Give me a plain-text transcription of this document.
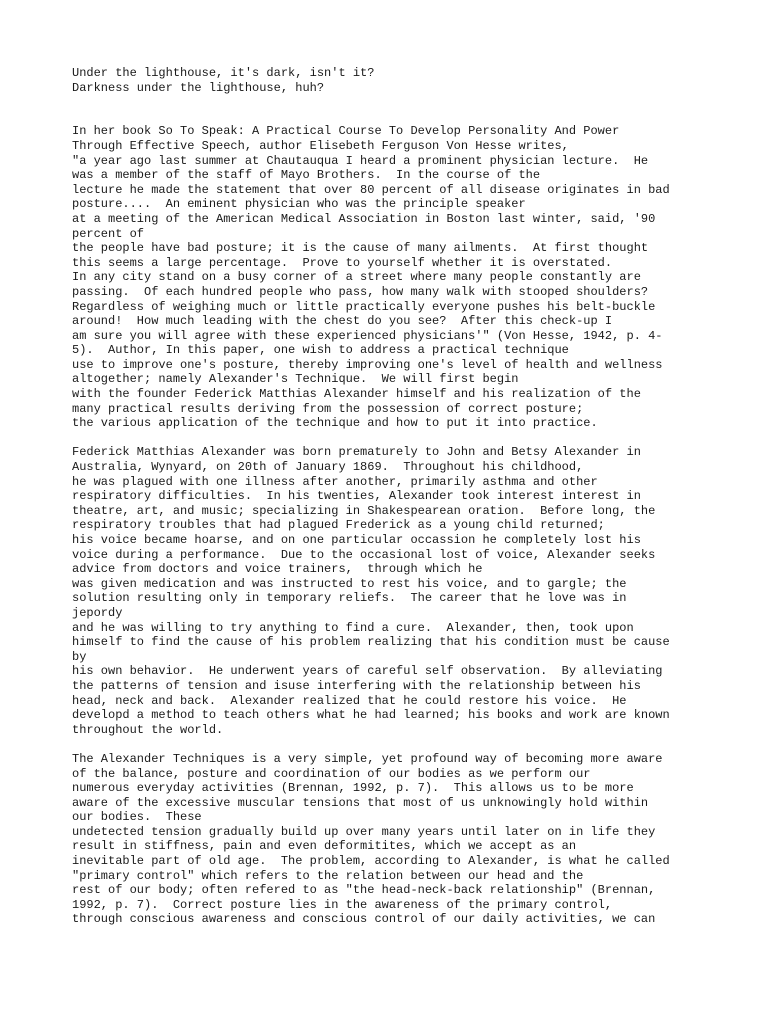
Under the lighthouse, it's dark, isn't it?
Darkness under the lighthouse, huh?
In her book So To Speak: A Practical Course To Develop Personality And Power
Through Effective Speech, author Elisebeth Ferguson Von Hesse writes,
"a year ago last summer at Chautauqua I heard a prominent physician lecture.  He
was a member of the staff of Mayo Brothers.  In the course of the
lecture he made the statement that over 80 percent of all disease originates in bad
posture....  An eminent physician who was the principle speaker
at a meeting of the American Medical Association in Boston last winter, said, '90
percent of
the people have bad posture; it is the cause of many ailments.  At first thought
this seems a large percentage.  Prove to yourself whether it is overstated.
In any city stand on a busy corner of a street where many people constantly are
passing.  Of each hundred people who pass, how many walk with stooped shoulders?
Regardless of weighing much or little practically everyone pushes his belt-buckle
around!  How much leading with the chest do you see?  After this check-up I
am sure you will agree with these experienced physicians'" (Von Hesse, 1942, p. 4-
5).  Author, In this paper, one wish to address a practical technique
use to improve one's posture, thereby improving one's level of health and wellness
altogether; namely Alexander's Technique.  We will first begin
with the founder Federick Matthias Alexander himself and his realization of the
many practical results deriving from the possession of correct posture;
the various application of the technique and how to put it into practice.
Federick Matthias Alexander was born prematurely to John and Betsy Alexander in
Australia, Wynyard, on 20th of January 1869.  Throughout his childhood,
he was plagued with one illness after another, primarily asthma and other
respiratory difficulties.  In his twenties, Alexander took interest interest in
theatre, art, and music; specializing in Shakespearean oration.  Before long, the
respiratory troubles that had plagued Frederick as a young child returned;
his voice became hoarse, and on one particular occassion he completely lost his
voice during a performance.  Due to the occasional lost of voice, Alexander seeks
advice from doctors and voice trainers,  through which he
was given medication and was instructed to rest his voice, and to gargle; the
solution resulting only in temporary reliefs.  The career that he love was in
jepordy
and he was willing to try anything to find a cure.  Alexander, then, took upon
himself to find the cause of his problem realizing that his condition must be cause
by
his own behavior.  He underwent years of careful self observation.  By alleviating
the patterns of tension and isuse interfering with the relationship between his
head, neck and back.  Alexander realized that he could restore his voice.  He
developd a method to teach others what he had learned; his books and work are known
throughout the world.
The Alexander Techniques is a very simple, yet profound way of becoming more aware
of the balance, posture and coordination of our bodies as we perform our
numerous everyday activities (Brennan, 1992, p. 7).  This allows us to be more
aware of the excessive muscular tensions that most of us unknowingly hold within
our bodies.  These
undetected tension gradually build up over many years until later on in life they
result in stiffness, pain and even deformitites, which we accept as an
inevitable part of old age.  The problem, according to Alexander, is what he called
"primary control" which refers to the relation between our head and the
rest of our body; often refered to as "the head-neck-back relationship" (Brennan,
1992, p. 7).  Correct posture lies in the awareness of the primary control,
through conscious awareness and conscious control of our daily activities, we can
